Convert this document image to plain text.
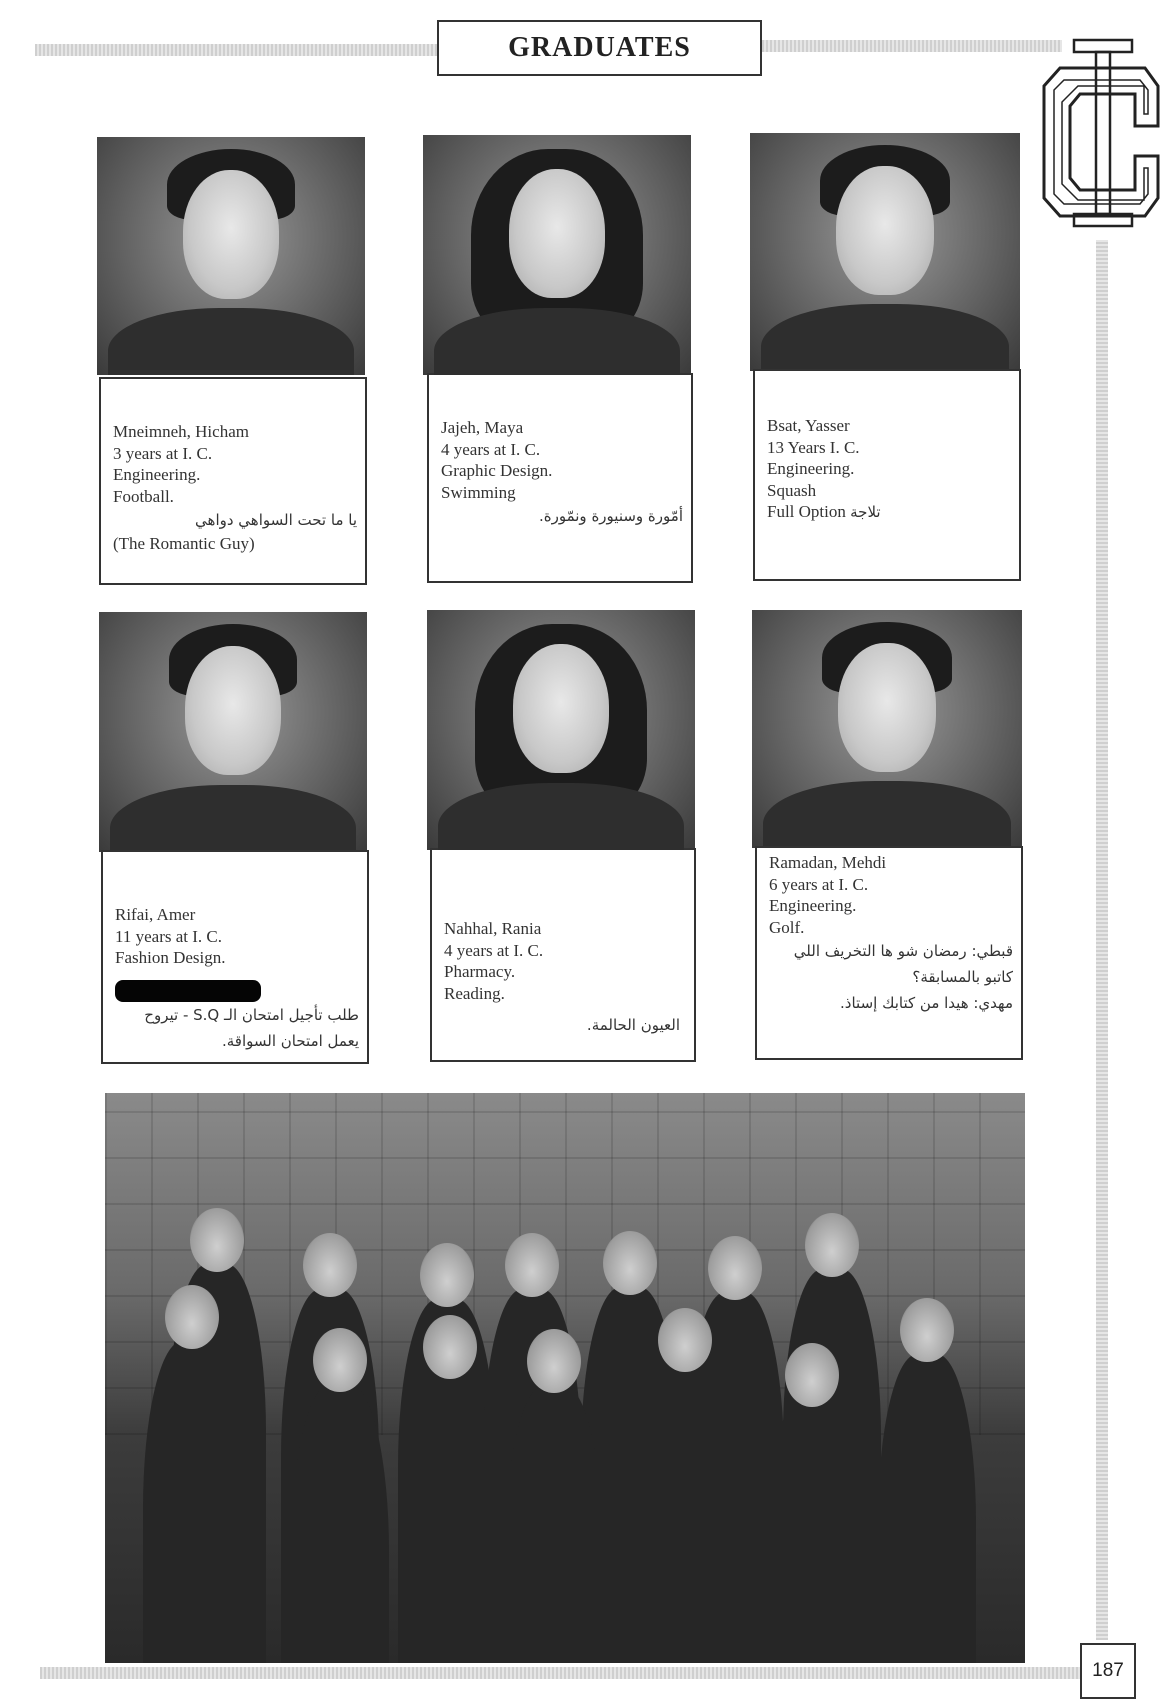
GRADUATES
Mneimneh, Hicham
3 years at I. C.
Engineering.
Football.
يا ما تحت السواهي دواهي
(The Romantic Guy)
Jajeh, Maya
4 years at I. C.
Graphic Design.
Swimming
أمّورة وسنيورة ونمّورة.
Bsat, Yasser
13 Years I. C.
Engineering.
Squash
Full Option تلاجة
Rifai, Amer
11 years at I. C.
Fashion Design.
طلب تأجيل امتحان الـ S.Q - تيروح
يعمل امتحان السواقة.
Nahhal, Rania
4 years at I. C.
Pharmacy.
Reading.
العيون الحالمة.
Ramadan, Mehdi
6 years at I. C.
Engineering.
Golf.
قبطي: رمضان شو ها التخريف اللي
كاتبو بالمسابقة؟
مهدي: هيدا من كتابك إستاذ.
187
